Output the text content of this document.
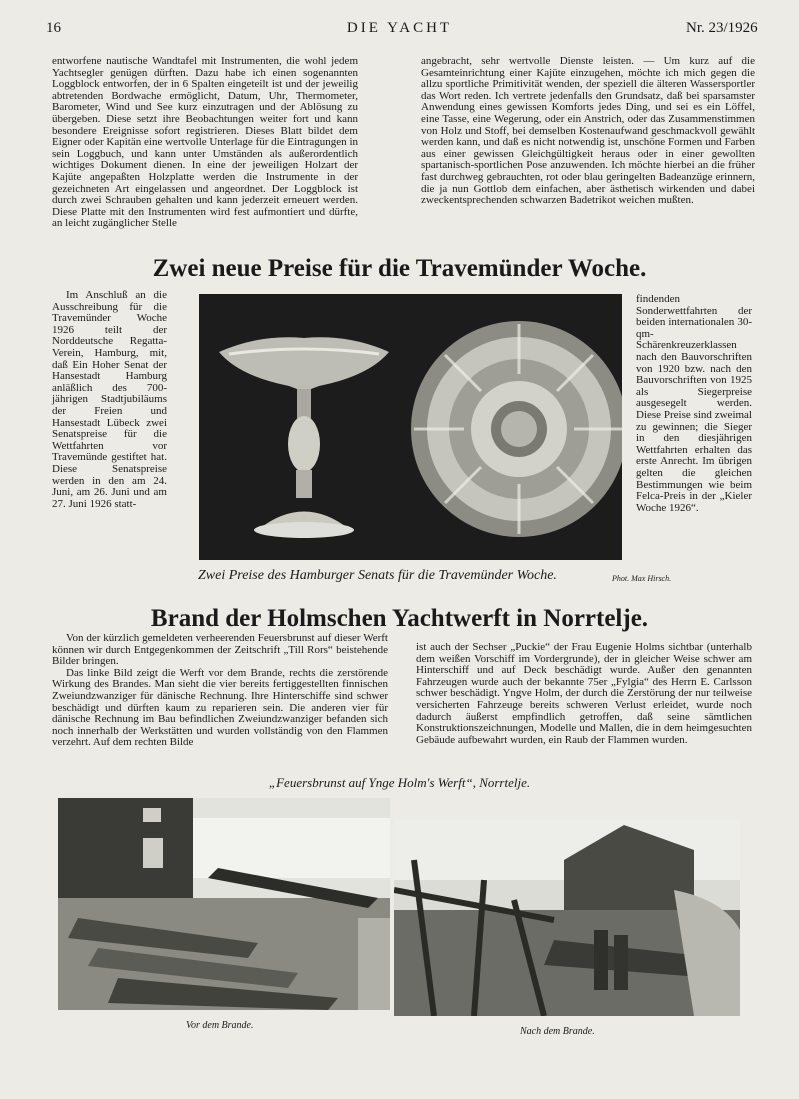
16	DIE YACHT	Nr. 23/1926

entworfene nautische Wandtafel mit Instrumenten, die wohl jedem Yachtsegler genügen dürften. Dazu habe ich einen sogenannten Loggblock entworfen, der in 6 Spalten eingeteilt ist und der jeweilig abtretenden Bordwache ermöglicht, Datum, Uhr, Thermometer, Barometer, Wind und See kurz einzutragen und der Ablösung zu übergeben. Diese setzt ihre Beobachtungen weiter fort und kann besondere Ereignisse sofort registrieren. Dieses Blatt bildet dem Eigner oder Kapitän eine wertvolle Unterlage für die Eintragungen in sein Loggbuch, und kann unter Umständen als außerordentlich wichtiges Dokument dienen. In eine der jeweiligen Holzart der Kajüte angepaßten Holzplatte werden die Instrumente in der gezeichneten Art eingelassen und angeordnet. Der Loggblock ist durch zwei Schrauben gehalten und kann jederzeit erneuert werden. Diese Platte mit den Instrumenten wird fest aufmontiert und dürfte, an leicht zugänglicher Stelle

angebracht, sehr wertvolle Dienste leisten. — Um kurz auf die Gesamteinrichtung einer Kajüte einzugehen, möchte ich mich gegen die allzu sportliche Primitivität wenden, der speziell die älteren Wassersportler das Wort reden. Ich vertrete jedenfalls den Grundsatz, daß bei sparsamster Anwendung eines gewissen Komforts jedes Ding, und sei es ein Löffel, eine Tasse, eine Wegerung, oder ein Anstrich, oder das Zusammenstimmen von Holz und Stoff, bei demselben Kostenaufwand geschmackvoll gewählt werden kann, und daß es nicht notwendig ist, unschöne Formen und Farben aus einer gewissen Gleichgültigkeit heraus oder in einer gewollten spartanisch-sportlichen Pose anzuwenden. Ich möchte hierbei an die früher fast durchweg gebrauchten, rot oder blau geringelten Badeanzüge erinnern, die ja nun Gottlob dem einfachen, aber ästhetisch wirkenden und dabei zweckentsprechenden schwarzen Badetrikot weichen mußten.

Zwei neue Preise für die Travemünder Woche.

Im Anschluß an die Ausschreibung für die Travemünder Woche 1926 teilt der Norddeutsche Regatta-Verein, Hamburg, mit, daß Ein Hoher Senat der Hansestadt Hamburg anläßlich des 700-jährigen Stadtjubiläums der Freien und Hansestadt Lübeck zwei Senatspreise für die Wettfahrten vor Travemünde gestiftet hat. Diese Senatspreise werden in den am 24. Juni, am 26. Juni und am 27. Juni 1926 statt-

findenden Sonderwettfahrten der beiden internationalen 30-qm-Schärenkreuzerklassen nach den Bauvorschriften von 1920 bzw. nach den Bauvorschriften von 1925 als Siegerpreise ausgesegelt werden. Diese Preise sind zweimal zu gewinnen; die Sieger in den diesjährigen Wettfahrten erhalten das erste Anrecht. Im übrigen gelten die gleichen Bestimmungen wie beim Felca-Preis in der „Kieler Woche 1926“.

Zwei Preise des Hamburger Senats für die Travemünder Woche.	Phot. Max Hirsch.
Brand der Holmschen Yachtwerft in Norrtelje.

Von der kürzlich gemeldeten verheerenden Feuersbrunst auf dieser Werft können wir durch Entgegenkommen der Zeitschrift „Till Rors“ beistehende Bilder bringen.

Das linke Bild zeigt die Werft vor dem Brande, rechts die zerstörende Wirkung des Brandes. Man sieht die vier bereits fertiggestellten finnischen Zweiundzwanziger für dänische Rechnung. Ihre Hinterschiffe sind schwer beschädigt und dürften kaum zu reparieren sein. Die anderen vier für dänische Rechnung im Bau befindlichen Zweiundzwanziger befanden sich noch innerhalb der Werkstätten und wurden vollständig von den Flammen verzehrt. Auf dem rechten Bilde

ist auch der Sechser „Puckie“ der Frau Eugenie Holms sichtbar (unterhalb dem weißen Vorschiff im Vordergrunde), der in gleicher Weise schwer am Hinterschiff und auf Deck beschädigt wurde. Außer den genannten Fahrzeugen wurde auch der bekannte 75er „Fylgia“ des Herrn E. Carlsson schwer beschädigt. Yngve Holm, der durch die Zerstörung der nur teilweise versicherten Fahrzeuge bereits schweren Verlust erleidet, wurde noch dadurch äußerst empfindlich getroffen, daß seine sämtlichen Konstruktionszeichnungen, Modelle und Mallen, die in dem heimgesuchten Gebäude aufbewahrt wurden, ein Raub der Flammen wurden.

„Feuersbrunst auf Ynge Holm's Werft“, Norrtelje.
Vor dem Brande.
Nach dem Brande.
